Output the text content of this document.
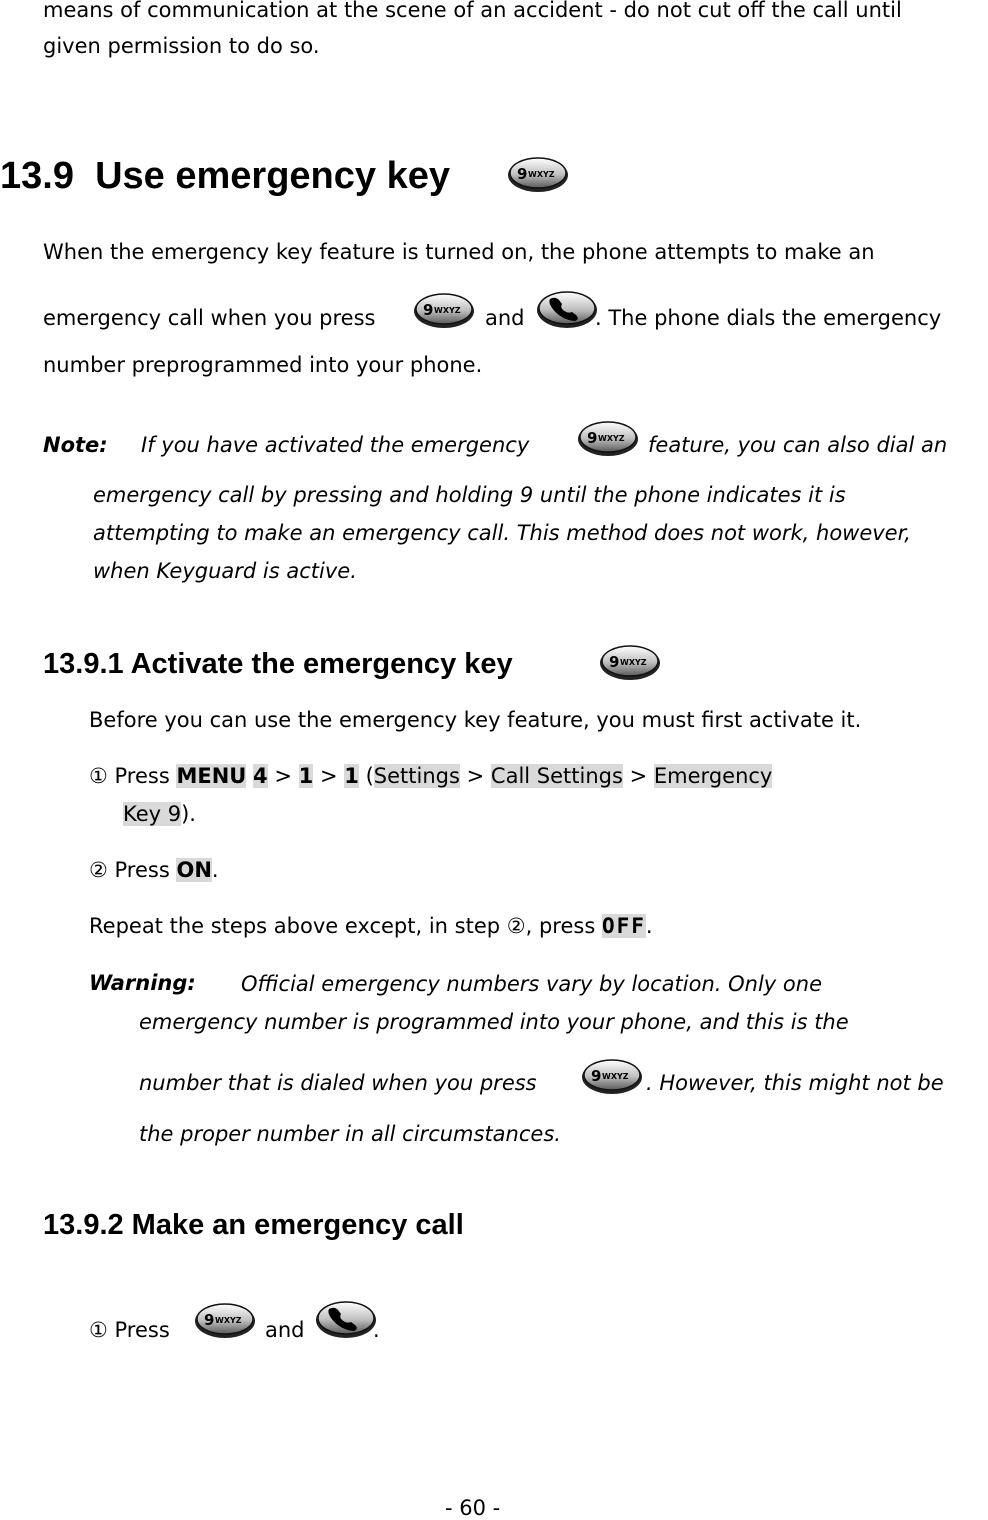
means of communication at the scene of an accident - do not cut off the call until
given permission to do so.
13.9 Use emergency key
When the emergency key feature is turned on, the phone attempts to make an
emergency call when you press	and	. The phone dials the emergency
number preprogrammed into your phone.
Note: If you have activated the emergency	feature, you can also dial an
emergency call by pressing and holding 9 until the phone indicates it is
attempting to make an emergency call. This method does not work, however,
when Keyguard is active.
13.9.1 Activate the emergency key
Before you can use the emergency key feature, you must first activate it.
① Press MENU 4 > 1 > 1 (Settings > Call Settings > Emergency
Key 9).
② Press ON.
Repeat the steps above except, in step ②, press OFF.
Warning: Official emergency numbers vary by location. Only one
emergency number is programmed into your phone, and this is the
number that is dialed when you press	. However, this might not be
the proper number in all circumstances.
13.9.2 Make an emergency call
① Press	and	.
- 60 -
